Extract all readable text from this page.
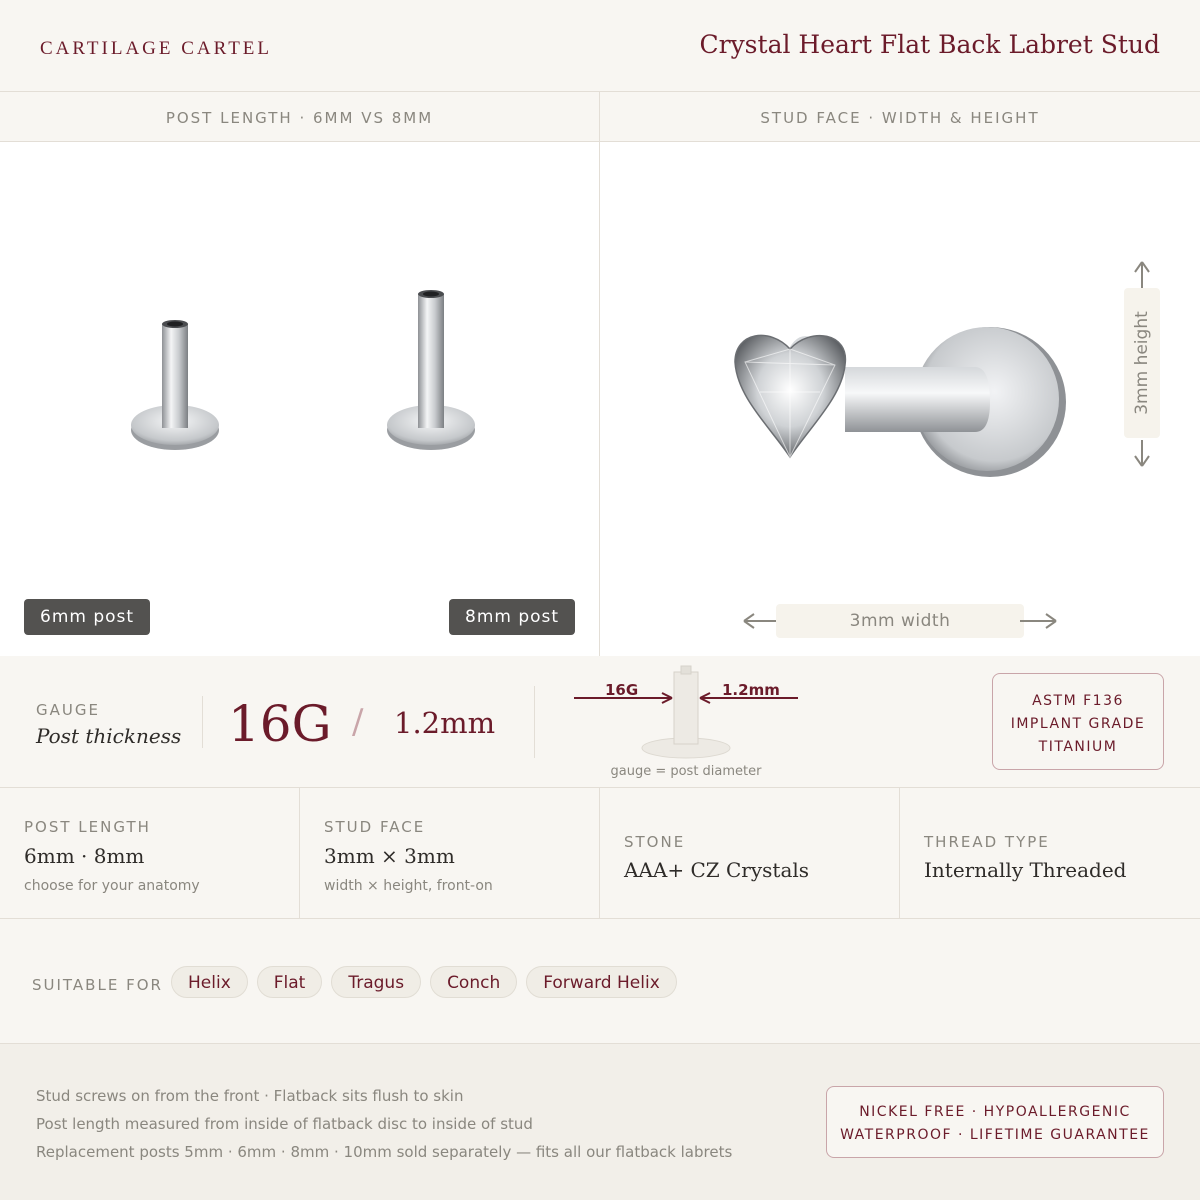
CARTILAGE CARTEL	Crystal Heart Flat Back Labret Stud
POST LENGTH · 6MM VS 8MM
6mm post	8mm post
STUD FACE · WIDTH & HEIGHT
3mm height
3mm width
GAUGE
Post thickness 16G / 1.2mm
16G	1.2mm
gauge = post diameter
ASTM F136
IMPLANT GRADE
TITANIUM
POST LENGTH
6mm · 8mm
choose for your anatomy
STUD FACE
3mm × 3mm
width × height, front-on
STONE
AAA+ CZ Crystals
THREAD TYPE
Internally Threaded
SUITABLE FOR	Helix	Flat	Tragus	Conch	Forward Helix
Stud screws on from the front · Flatback sits flush to skin
Post length measured from inside of flatback disc to inside of stud
Replacement posts 5mm · 6mm · 8mm · 10mm sold separately — fits all our flatback labrets
NICKEL FREE · HYPOALLERGENIC
WATERPROOF · LIFETIME GUARANTEE
